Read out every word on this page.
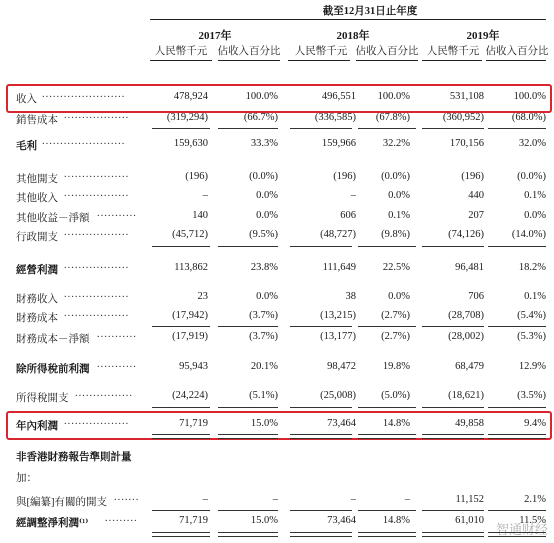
截至12月31日止年度
2017年	2018年	2019年
人民幣千元 佔收入百分比	人民幣千元 佔收入百分比 人民幣千元 佔收入百分比
收入	478,924	100.0%	496,551	100.0%	531,108	100.0%
.......................
銷售成本	(319,294)	(66.7%)	(336,585)	(67.8%)	(360,952)	(68.0%)
..................
毛利	159,630	33.3%	159,966	32.2%	170,156	32.0%
.......................
其他開支	(196)	(0.0%)	(196)	(0.0%)	(196)	(0.0%)
..................
其他收入	–	0.0%	–	0.0%	440	0.1%
..................
其他收益－淨額	140	0.0%	606	0.1%	207	0.0%
...........
行政開支	(45,712)	(9.5%)	(48,727)	(9.8%)	(74,126)	(14.0%)
..................
經營利潤	113,862	23.8%	111,649	22.5%	96,481	18.2%
..................
財務收入	23	0.0%	38	0.0%	706	0.1%
..................
財務成本	(17,942)	(3.7%)	(13,215)	(2.7%)	(28,708)	(5.4%)
..................
財務成本－淨額	(17,919)	(3.7%)	(13,177)	(2.7%)	(28,002)	(5.3%)
...........
除所得稅前利潤	95,943	20.1%	98,472	19.8%	68,479	12.9%
...........
所得稅開支	(24,224)	(5.1%)	(25,008)	(5.0%)	(18,621)	(3.5%)
................
年內利潤	71,719	15.0%	73,464	14.8%	49,858	9.4%
..................
非香港財務報告準則計量
加：
與[編纂]有關的開支	–	–	–	–	11,152	2.1%
.......
經調整淨利潤⁽¹⁾	71,719	15.0%	73,464	14.8%	61,010	11.5%
.........
智通财经
